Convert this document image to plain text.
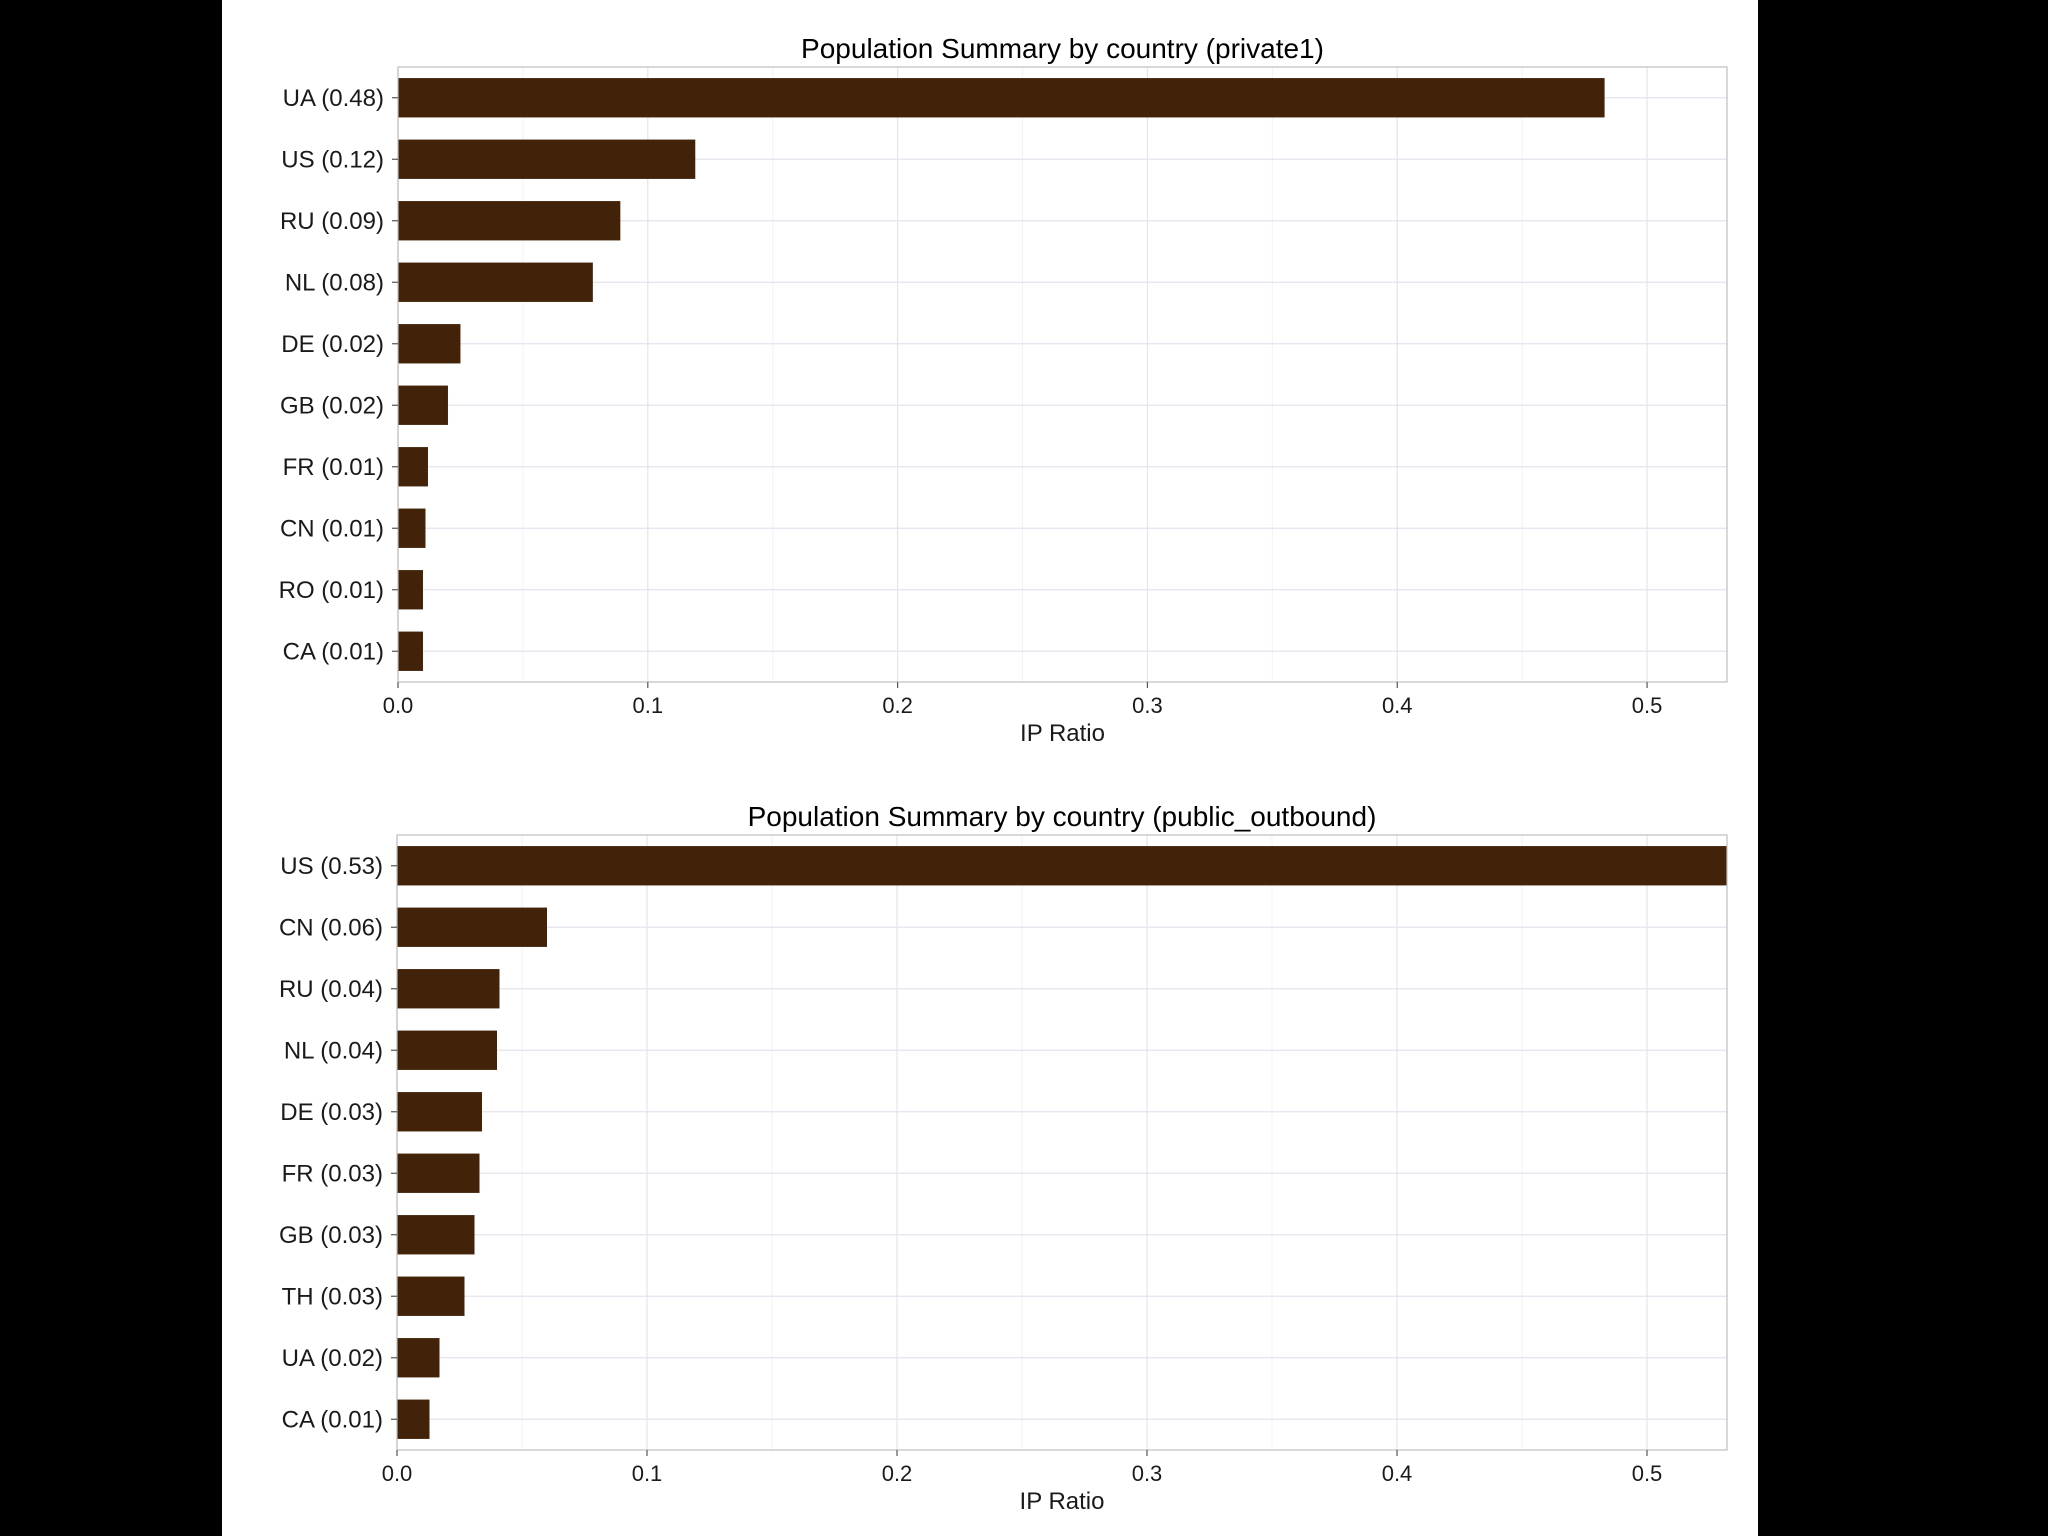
UA (0.48)
US (0.12)
RU (0.09)
NL (0.08)
DE (0.02)
GB (0.02)
FR (0.01)
CN (0.01)
RO (0.01)
CA (0.01)
0.0	0.1	0.2	0.3	0.4	0.5
IP Ratio
Population Summary by country (private1)
US (0.53)
CN (0.06)
RU (0.04)
NL (0.04)
DE (0.03)
FR (0.03)
GB (0.03)
TH (0.03)
UA (0.02)
CA (0.01)
0.0	0.1	0.2	0.3	0.4	0.5
IP Ratio
Population Summary by country (public_outbound)
